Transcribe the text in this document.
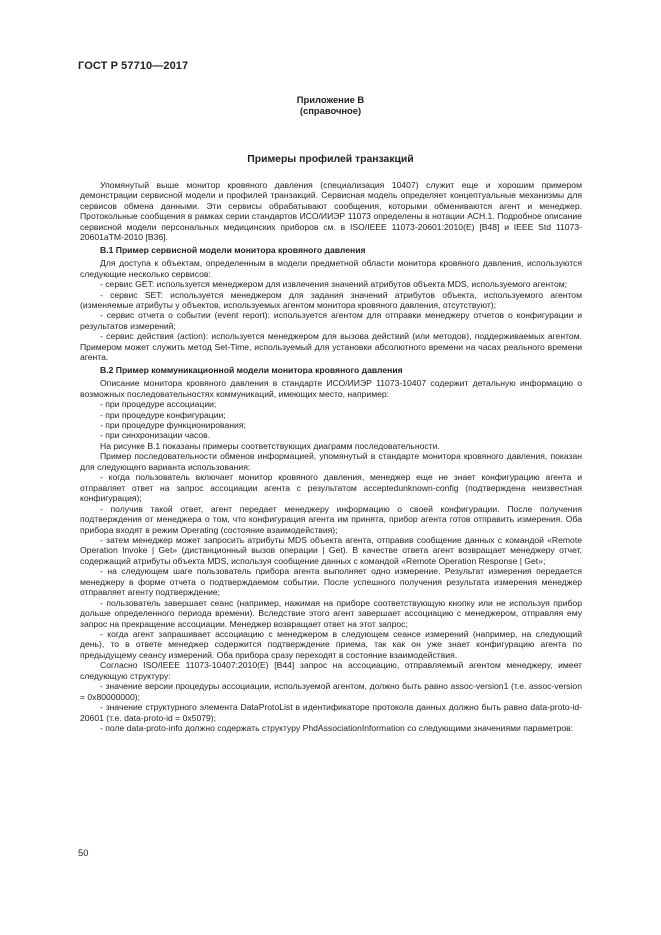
ГОСТ Р 57710—2017
Приложение В
(справочное)
Примеры профилей транзакций

Упомянутый выше монитор кровяного давления (специализация 10407) служит еще и хорошим примером демонстрации сервисной модели и профилей транзакций. Сервисная модель определяет концептуальные механизмы для сервисов обмена данными. Эти сервисы обрабатывают сообщения, которыми обмениваются агент и менеджер. Протокольные сообщения в рамках серии стандартов ИСО/ИИЭР 11073 определены в нотации АСН.1. Подробное описание сервисной модели персональных медицинских приборов см. в ISO/IEEE 11073-20601:2010(E) [B48] и IEEE Std 11073-20601aTM-2010 [B36].

В.1 Пример сервисной модели монитора кровяного давления

Для доступа к объектам, определенным в модели предметной области монитора кровяного давления, используются следующие несколько сервисов:

- сервис GET: используется менеджером для извлечения значений атрибутов объекта MDS, используемого агентом;

- сервис SET: используется менеджером для задания значений атрибутов объекта, используемого агентом (изменяемые атрибуты у объектов, используемых агентом монитора кровяного давления, отсутствуют);

- сервис отчета о событии (event report): используется агентом для отправки менеджеру отчетов о конфигурации и результатов измерений;

- сервис действия (action): используется менеджером для вызова действий (или методов), поддерживаемых агентом. Примером может служить метод Set-Time, используемый для установки абсолютного времени на часах реального времени агента.

В.2 Пример коммуникационной модели монитора кровяного давления

Описание монитора кровяного давления в стандарте ИСО/ИИЭР 11073-10407 содержит детальную информацию о возможных последовательностях коммуникаций, имеющих место, например:

- при процедуре ассоциации;

- при процедуре конфигурации;

- при процедуре функционирования;

- при синхронизации часов.

На рисунке В.1 показаны примеры соответствующих диаграмм последовательности.

Пример последовательности обменов информацией, упомянутый в стандарте монитора кровяного давления, показан для следующего варианта использования:

- когда пользователь включает монитор кровяного давления, менеджер еще не знает конфигурацию агента и отправляет ответ на запрос ассоциации агента с результатом acceptedunknown-config (подтверждена неизвестная конфигурация);

- получив такой ответ, агент передает менеджеру информацию о своей конфигурации. После получения подтверждения от менеджера о том, что конфигурация агента им принята, прибор агента готов отправить измерения. Оба прибора входят в режим Operating (состояние взаимодействия);

- затем менеджер может запросить атрибуты MDS объекта агента, отправив сообщение данных с командой «Remote Operation Invoke | Get» (дистанционный вызов операции | Get). В качестве ответа агент возвращает менеджеру отчет, содержащий атрибуты объекта MDS, используя сообщение данных с командой «Remote Operation Response | Get»;

- на следующем шаге пользователь прибора агента выполняет одно измерение. Результат измерения передается менеджеру в форме отчета о подтверждаемом событии. После успешного получения результата измерения менеджер отправляет агенту подтверждение;

- пользователь завершает сеанс (например, нажимая на приборе соответствующую кнопку или не используя прибор дольше определенного периода времени). Вследствие этого агент завершает ассоциацию с менеджером, отправляя ему запрос на прекращение ассоциации. Менеджер возвращает ответ на этот запрос;

- когда агент запрашивает ассоциацию с менеджером в следующем сеансе измерений (например, на следующий день), то в ответе менеджер содержится подтверждение приема, так как он уже знает конфигурацию агента по предыдущему сеансу измерений. Оба прибора сразу переходят в состояние взаимодействия.

Согласно ISO/IEEE 11073-10407:2010(E) [B44] запрос на ассоциацию, отправляемый агентом менеджеру, имеет следующую структуру:

- значение версии процедуры ассоциации, используемой агентом, должно быть равно assoc-version1 (т.е. assoc-version = 0x80000000);

- значение структурного элемента DataProtoList в идентификаторе протокола данных должно быть равно data-proto-id-20601 (т.е. data-proto-id = 0x5079);

- поле data-proto-info должно содержать структуру PhdAssociationInformation со следующими значениями параметров:

50
